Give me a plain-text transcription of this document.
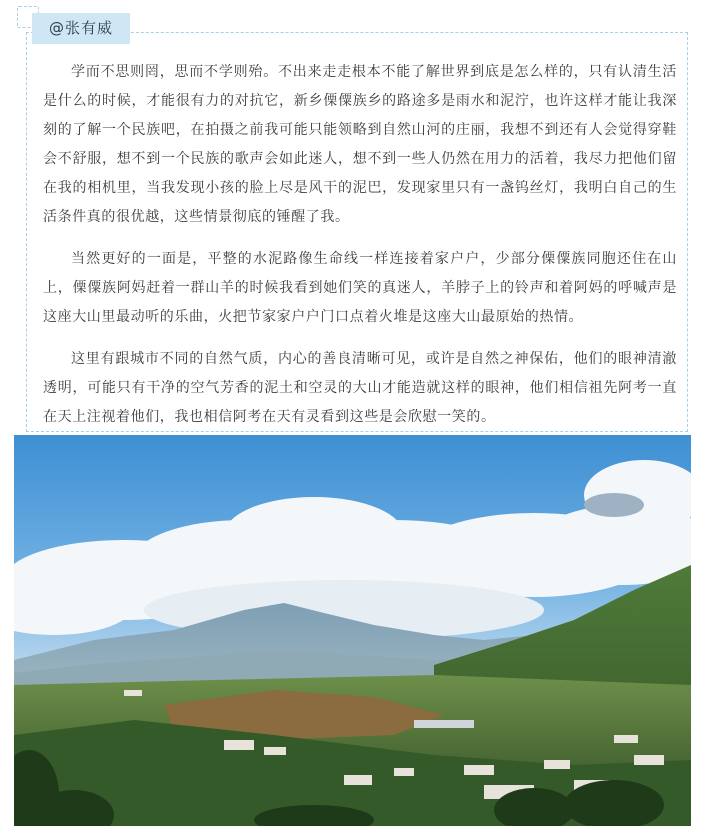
@张有威

学而不思则罔，思而不学则殆。不出来走走根本不能了解世界到底是怎么样的，只有认清生活是什么的时候，才能很有力的对抗它，新乡傈僳族乡的路途多是雨水和泥泞，也许这样才能让我深刻的了解一个民族吧，在拍摄之前我可能只能领略到自然山河的庄丽，我想不到还有人会觉得穿鞋会不舒服，想不到一个民族的歌声会如此迷人，想不到一些人仍然在用力的活着，我尽力把他们留在我的相机里，当我发现小孩的脸上尽是风干的泥巴，发现家里只有一盏钨丝灯，我明白自己的生活条件真的很优越，这些情景彻底的锤醒了我。

当然更好的一面是，平整的水泥路像生命线一样连接着家户户，少部分傈僳族同胞还住在山上，傈僳族阿妈赶着一群山羊的时候我看到她们笑的真迷人，羊脖子上的铃声和着阿妈的呼喊声是这座大山里最动听的乐曲，火把节家家户户门口点着火堆是这座大山最原始的热情。

这里有跟城市不同的自然气质，内心的善良清晰可见，或许是自然之神保佑，他们的眼神清澈透明，可能只有干净的空气芳香的泥土和空灵的大山才能造就这样的眼神，他们相信祖先阿考一直在天上注视着他们，我也相信阿考在天有灵看到这些是会欣慰一笑的。
